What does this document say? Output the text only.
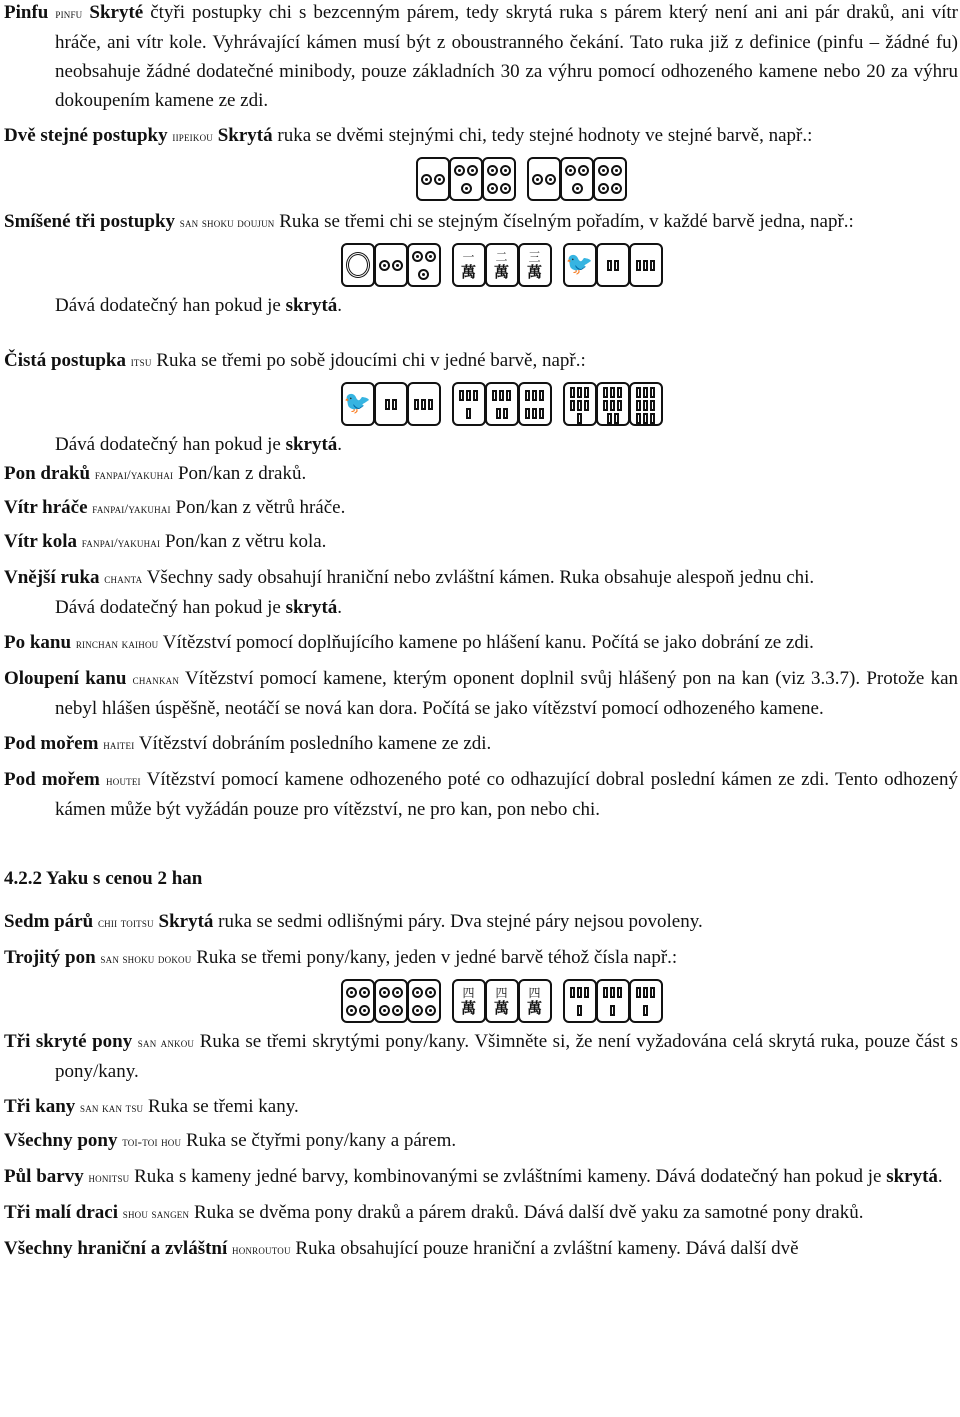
Pinfu pinfu Skryté čtyři postupky chi s bezcenným párem, tedy skrytá ruka s párem který není ani ani pár draků, ani vítr hráče, ani vítr kole. Vyhrávající kámen musí být z oboustranného čekání. Tato ruka již z definice (pinfu – žádné fu) neobsahuje žádné dodatečné minibody, pouze základních 30 za výhru pomocí odhozeného kamene nebo 20 za výhru dokoupením kamene ze zdi.

Dvě stejné postupky iipeikou Skrytá ruka se dvěmi stejnými chi, tedy stejné hodnoty ve stejné barvě, např.:

Smíšené tři postupky san shoku doujun Ruka se třemi chi se stejným číselným pořadím, v každé barvě jedna, např.:

一
萬
二
萬
三
萬 🐦

Dává dodatečný han pokud je skrytá.

Čistá postupka itsu Ruka se třemi po sobě jdoucími chi v jedné barvě, např.:

🐦

Dává dodatečný han pokud je skrytá.

Pon draků fanpai/yakuhai Pon/kan z draků.

Vítr hráče fanpai/yakuhai Pon/kan z větrů hráče.

Vítr kola fanpai/yakuhai Pon/kan z větru kola.

Vnější ruka chanta Všechny sady obsahují hraniční nebo zvláštní kámen. Ruka obsahuje alespoň jednu chi.

Dává dodatečný han pokud je skrytá.

Po kanu rinchan kaihou Vítězství pomocí doplňujícího kamene po hlášení kanu. Počítá se jako dobrání ze zdi.

Oloupení kanu chankan Vítězství pomocí kamene, kterým oponent doplnil svůj hlášený pon na kan (viz 3.3.7). Protože kan nebyl hlášen úspěšně, neotáčí se nová kan dora. Počítá se jako vítězství pomocí odhozeného kamene.

Pod mořem haitei Vítězství dobráním posledního kamene ze zdi.

Pod mořem houtei Vítězství pomocí kamene odhozeného poté co odhazující dobral poslední kámen ze zdi. Tento odhozený kámen může být vyžádán pouze pro vítězství, ne pro kan, pon nebo chi.

4.2.2 Yaku s cenou 2 han

Sedm párů chii toitsu Skrytá ruka se sedmi odlišnými páry. Dva stejné páry nejsou povoleny.

Trojitý pon san shoku dokou Ruka se třemi pony/kany, jeden v jedné barvě téhož čísla např.:

四
萬
四
萬
四
萬

Tři skryté pony san ankou Ruka se třemi skrytými pony/kany. Všimněte si, že není vyžadována celá skrytá ruka, pouze část s pony/kany.

Tři kany san kan tsu Ruka se třemi kany.

Všechny pony toi-toi hou Ruka se čtyřmi pony/kany a párem.

Půl barvy honitsu Ruka s kameny jedné barvy, kombinovanými se zvláštními kameny. Dává dodatečný han pokud je skrytá.

Tři malí draci shou sangen Ruka se dvěma pony draků a párem draků. Dává další dvě yaku za samotné pony draků.

Všechny hraniční a zvláštní honroutou Ruka obsahující pouze hraniční a zvláštní kameny. Dává další dvě
